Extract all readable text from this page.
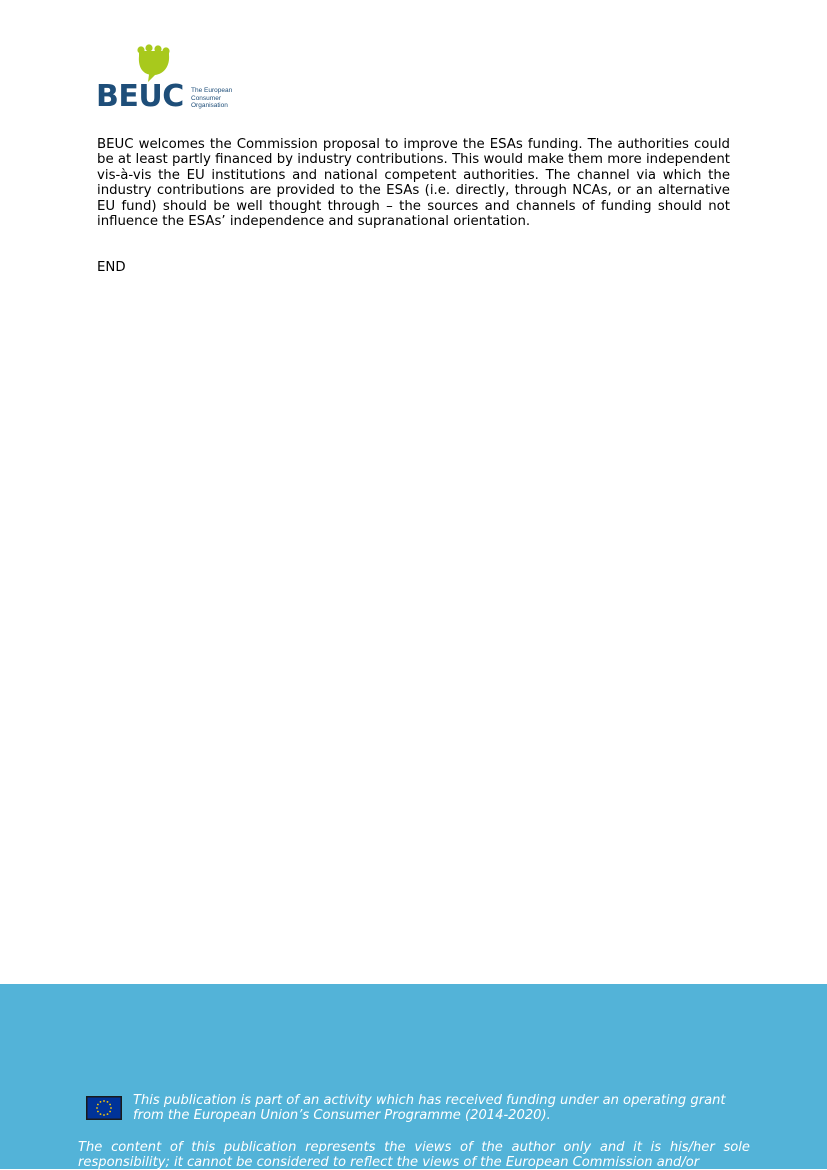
BEUC The European
Consumer
Organisation

BEUC welcomes the Commission proposal to improve the ESAs funding. The authorities could be at least partly financed by industry contributions. This would make them more independent vis-à-vis the EU institutions and national competent authorities. The channel via which the industry contributions are provided to the ESAs (i.e. directly, through NCAs, or an alternative EU fund) should be well thought through – the sources and channels of funding should not influence the ESAs’ independence and supranational orientation.

END

This publication is part of an activity which has received funding under an operating grant
from the European Union’s Consumer Programme (2014-2020).

The content of this publication represents the views of the author only and it is his/her sole responsibility; it cannot be considered to reflect the views of the European Commission and/or
